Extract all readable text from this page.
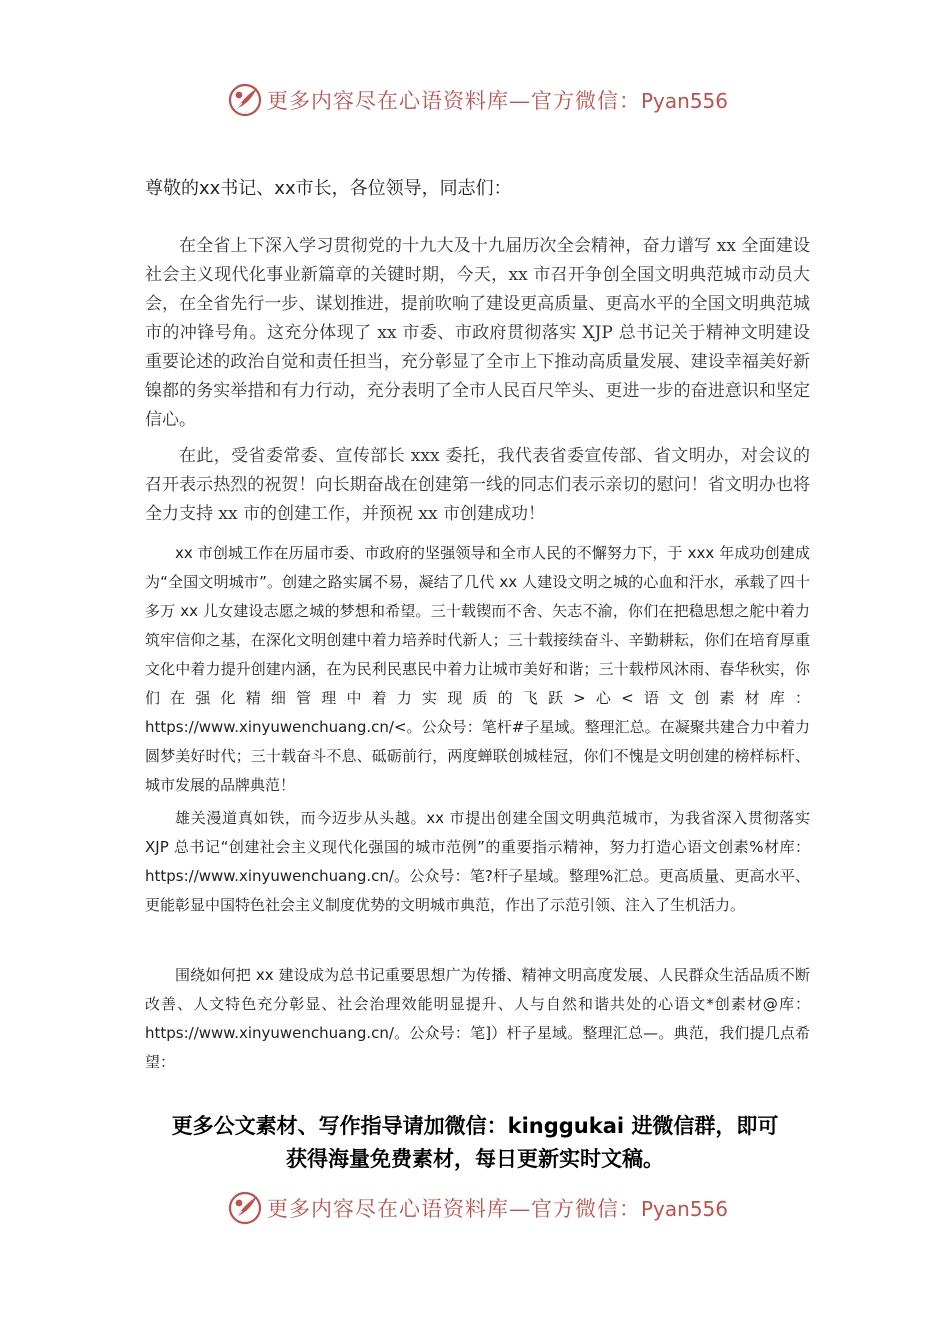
更多内容尽在心语资料库—官方微信：Pyan556
尊敬的xx书记、xx市长，各位领导，同志们：

在全省上下深入学习贯彻党的十九大及十九届历次全会精神，奋力谱写 xx 全面建设社会主义现代化事业新篇章的关键时期，今天，xx 市召开争创全国文明典范城市动员大会，在全省先行一步、谋划推进，提前吹响了建设更高质量、更高水平的全国文明典范城市的冲锋号角。这充分体现了 xx 市委、市政府贯彻落实 XJP 总书记关于精神文明建设重要论述的政治自觉和责任担当，充分彰显了全市上下推动高质量发展、建设幸福美好新镍都的务实举措和有力行动，充分表明了全市人民百尺竿头、更进一步的奋进意识和坚定信心。

在此，受省委常委、宣传部长 xxx 委托，我代表省委宣传部、省文明办，对会议的召开表示热烈的祝贺！向长期奋战在创建第一线的同志们表示亲切的慰问！省文明办也将全力支持 xx 市的创建工作，并预祝 xx 市创建成功！

xx 市创城工作在历届市委、市政府的坚强领导和全市人民的不懈努力下，于 xxx 年成功创建成为“全国文明城市”。创建之路实属不易，凝结了几代 xx 人建设文明之城的心血和汗水，承载了四十多万 xx 儿女建设志愿之城的梦想和希望。三十载锲而不舍、矢志不渝，你们在把稳思想之舵中着力筑牢信仰之基，在深化文明创建中着力培养时代新人；三十载接续奋斗、辛勤耕耘，你们在培育厚重文化中着力提升创建内涵，在为民利民惠民中着力让城市美好和谐；三十载栉风沐雨、春华秋实，你们在强化精细管理中着力实现质的飞跃>心<语文创素材库：https://www.xinyuwenchuang.cn/<。公众号：笔杆#子星域。整理汇总。在凝聚共建合力中着力圆梦美好时代；三十载奋斗不息、砥砺前行，两度蝉联创城桂冠，你们不愧是文明创建的榜样标杆、城市发展的品牌典范！

雄关漫道真如铁，而今迈步从头越。xx 市提出创建全国文明典范城市，为我省深入贯彻落实 XJP 总书记“创建社会主义现代化强国的城市范例”的重要指示精神，努力打造心语文创素%材库：https://www.xinyuwenchuang.cn/。公众号：笔?杆子星域。整理%汇总。更高质量、更高水平、更能彰显中国特色社会主义制度优势的文明城市典范，作出了示范引领、注入了生机活力。

围绕如何把 xx 建设成为总书记重要思想广为传播、精神文明高度发展、人民群众生活品质不断改善、人文特色充分彰显、社会治理效能明显提升、人与自然和谐共处的心语文*创素材@库：https://www.xinyuwenchuang.cn/。公众号：笔]）杆子星域。整理汇总—。典范，我们提几点希望：

更多公文素材、写作指导请加微信：kinggukai 进微信群，即可
获得海量免费素材，每日更新实时文稿。
更多内容尽在心语资料库—官方微信：Pyan556
